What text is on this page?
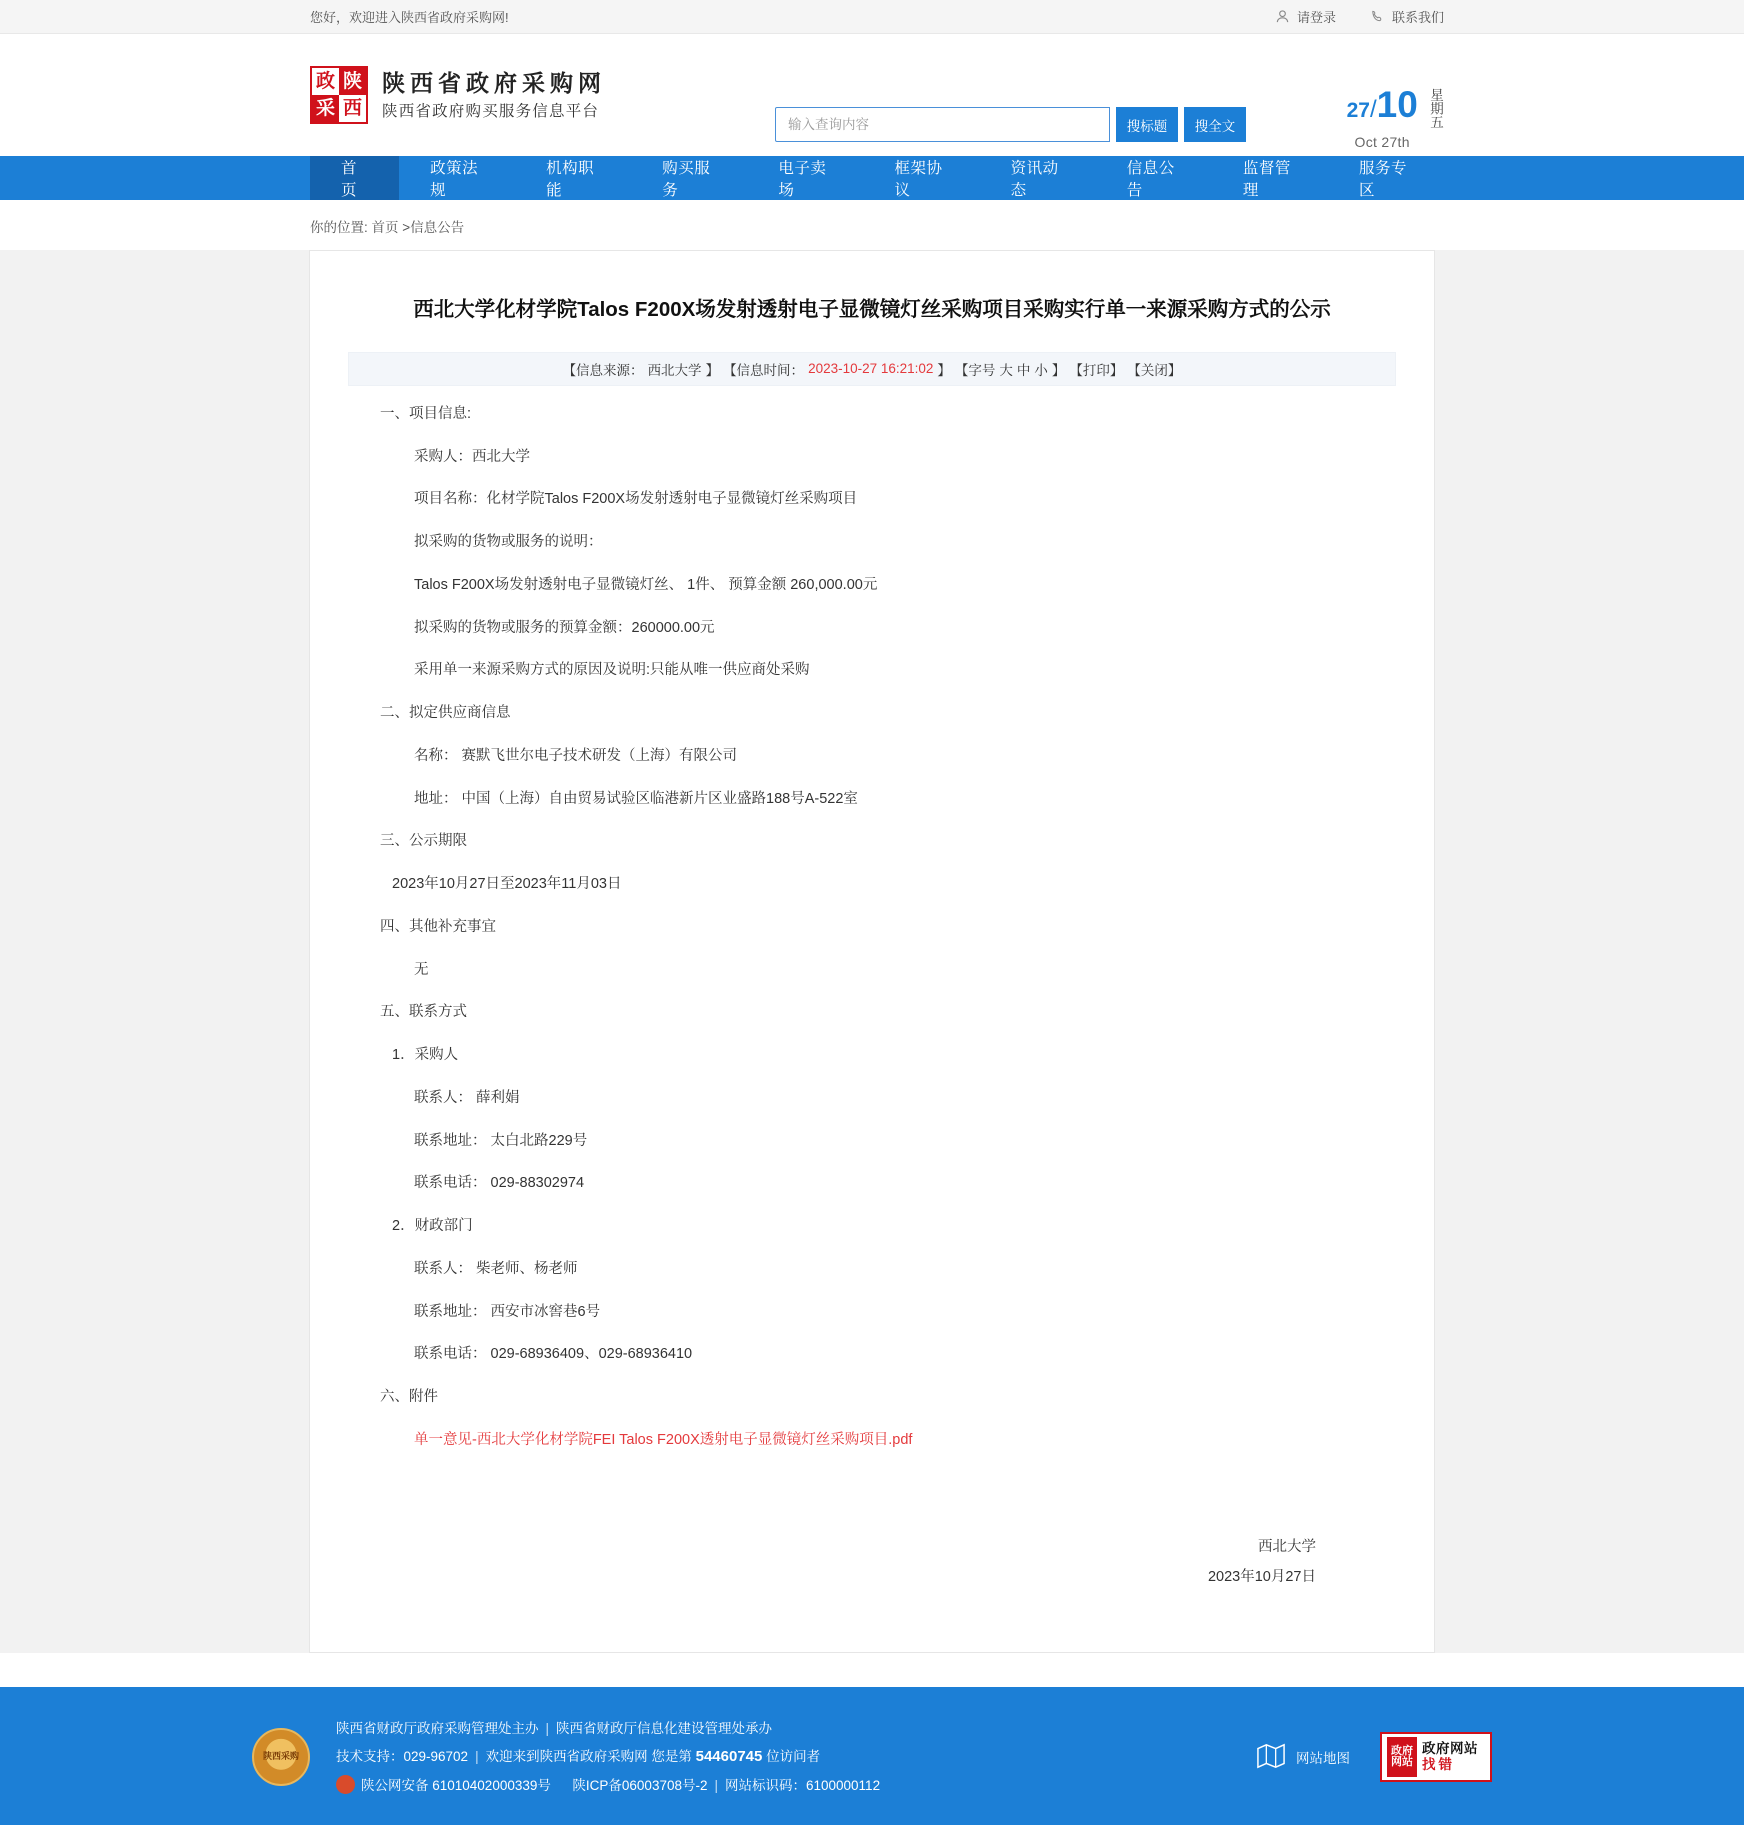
您好，欢迎进入陕西省政府采购网!	请登录	联系我们
政 陕
采 西
陕西省政府采购网
陕西省政府购买服务信息平台
输入查询内容
搜标题	搜全文
27/10
Oct 27th
星期五
首页
政策法规
机构职能
购买服务
电子卖场
框架协议
资讯动态
信息公告
监督管理
服务专区
你的位置: 首页 >信息公告
西北大学化材学院Talos F200X场发射透射电子显微镜灯丝采购项目采购实行单一来源采购方式的公示
【信息来源： 西北大学 】 【信息时间： 2023-10-27 16:21:02 】 【字号 大 中 小 】 【打印】 【关闭】

一、项目信息:

采购人：西北大学

项目名称：化材学院Talos F200X场发射透射电子显微镜灯丝采购项目

拟采购的货物或服务的说明：

Talos F200X场发射透射电子显微镜灯丝、 1件、 预算金额 260,000.00元

拟采购的货物或服务的预算金额：260000.00元

采用单一来源采购方式的原因及说明:只能从唯一供应商处采购

二、拟定供应商信息

名称： 赛默飞世尔电子技术研发（上海）有限公司

地址： 中国（上海）自由贸易试验区临港新片区业盛路188号A-522室

三、公示期限

2023年10月27日至2023年11月03日

四、其他补充事宜

无

五、联系方式

1．采购人

联系人： 薛利娟

联系地址： 太白北路229号

联系电话： 029-88302974

2．财政部门

联系人： 柴老师、杨老师

联系地址： 西安市冰窖巷6号

联系电话： 029-68936409、029-68936410

六、附件

单一意见-西北大学化材学院FEI Talos F200X透射电子显微镜灯丝采购项目.pdf

西北大学
2023年10月27日
陕西采购
陕西省财政厅政府采购管理处主办 | 陕西省财政厅信息化建设管理处承办
技术支持：029-96702 | 欢迎来到陕西省政府采购网 您是第 54460745 位访问者
陕公网安备 61010402000339号 陕ICP备06003708号-2 | 网站标识码：6100000112
网站地图
政府网站
政府网站
找错
